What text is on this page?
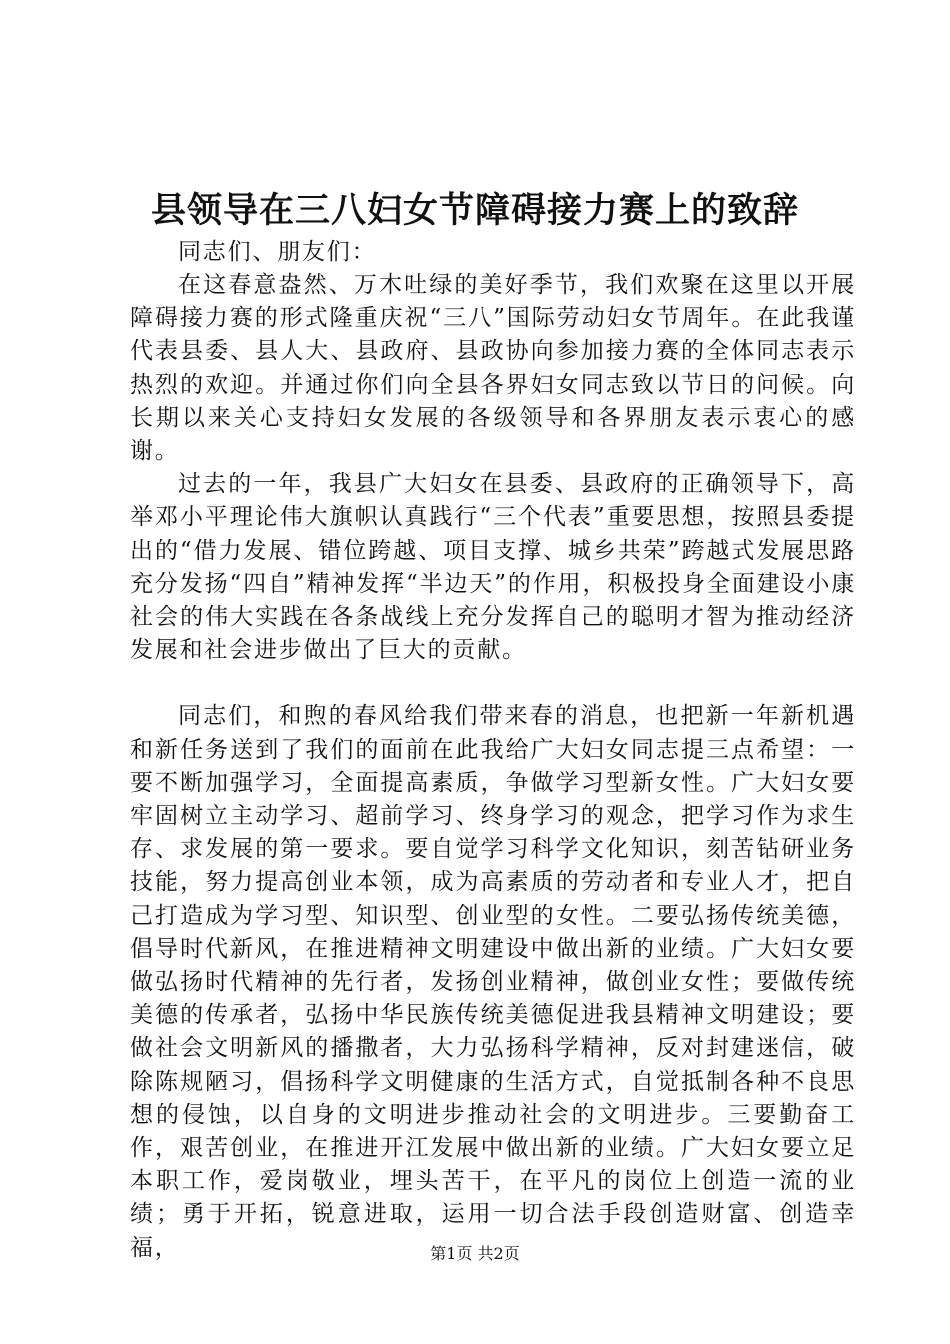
县领导在三八妇女节障碍接力赛上的致辞

同志们、朋友们：

在这春意盎然、万木吐绿的美好季节，我们欢聚在这里以开展障碍接力赛的形式隆重庆祝“三八”国际劳动妇女节周年。在此我谨代表县委、县人大、县政府、县政协向参加接力赛的全体同志表示热烈的欢迎。并通过你们向全县各界妇女同志致以节日的问候。向长期以来关心支持妇女发展的各级领导和各界朋友表示衷心的感谢。

过去的一年，我县广大妇女在县委、县政府的正确领导下，高举邓小平理论伟大旗帜认真践行“三个代表”重要思想，按照县委提出的“借力发展、错位跨越、项目支撑、城乡共荣”跨越式发展思路充分发扬“四自”精神发挥“半边天”的作用，积极投身全面建设小康社会的伟大实践在各条战线上充分发挥自己的聪明才智为推动经济发展和社会进步做出了巨大的贡献。

同志们，和煦的春风给我们带来春的消息，也把新一年新机遇和新任务送到了我们的面前在此我给广大妇女同志提三点希望：一要不断加强学习，全面提高素质，争做学习型新女性。广大妇女要牢固树立主动学习、超前学习、终身学习的观念，把学习作为求生存、求发展的第一要求。要自觉学习科学文化知识，刻苦钻研业务技能，努力提高创业本领，成为高素质的劳动者和专业人才，把自己打造成为学习型、知识型、创业型的女性。二要弘扬传统美德，倡导时代新风，在推进精神文明建设中做出新的业绩。广大妇女要做弘扬时代精神的先行者，发扬创业精神，做创业女性；要做传统美德的传承者，弘扬中华民族传统美德促进我县精神文明建设；要做社会文明新风的播撒者，大力弘扬科学精神，反对封建迷信，破除陈规陋习，倡扬科学文明健康的生活方式，自觉抵制各种不良思想的侵蚀，以自身的文明进步推动社会的文明进步。三要勤奋工作，艰苦创业，在推进开江发展中做出新的业绩。广大妇女要立足本职工作，爱岗敬业，埋头苦干，在平凡的岗位上创造一流的业绩；勇于开拓，锐意进取，运用一切合法手段创造财富、创造幸福，	第1页 共2页
